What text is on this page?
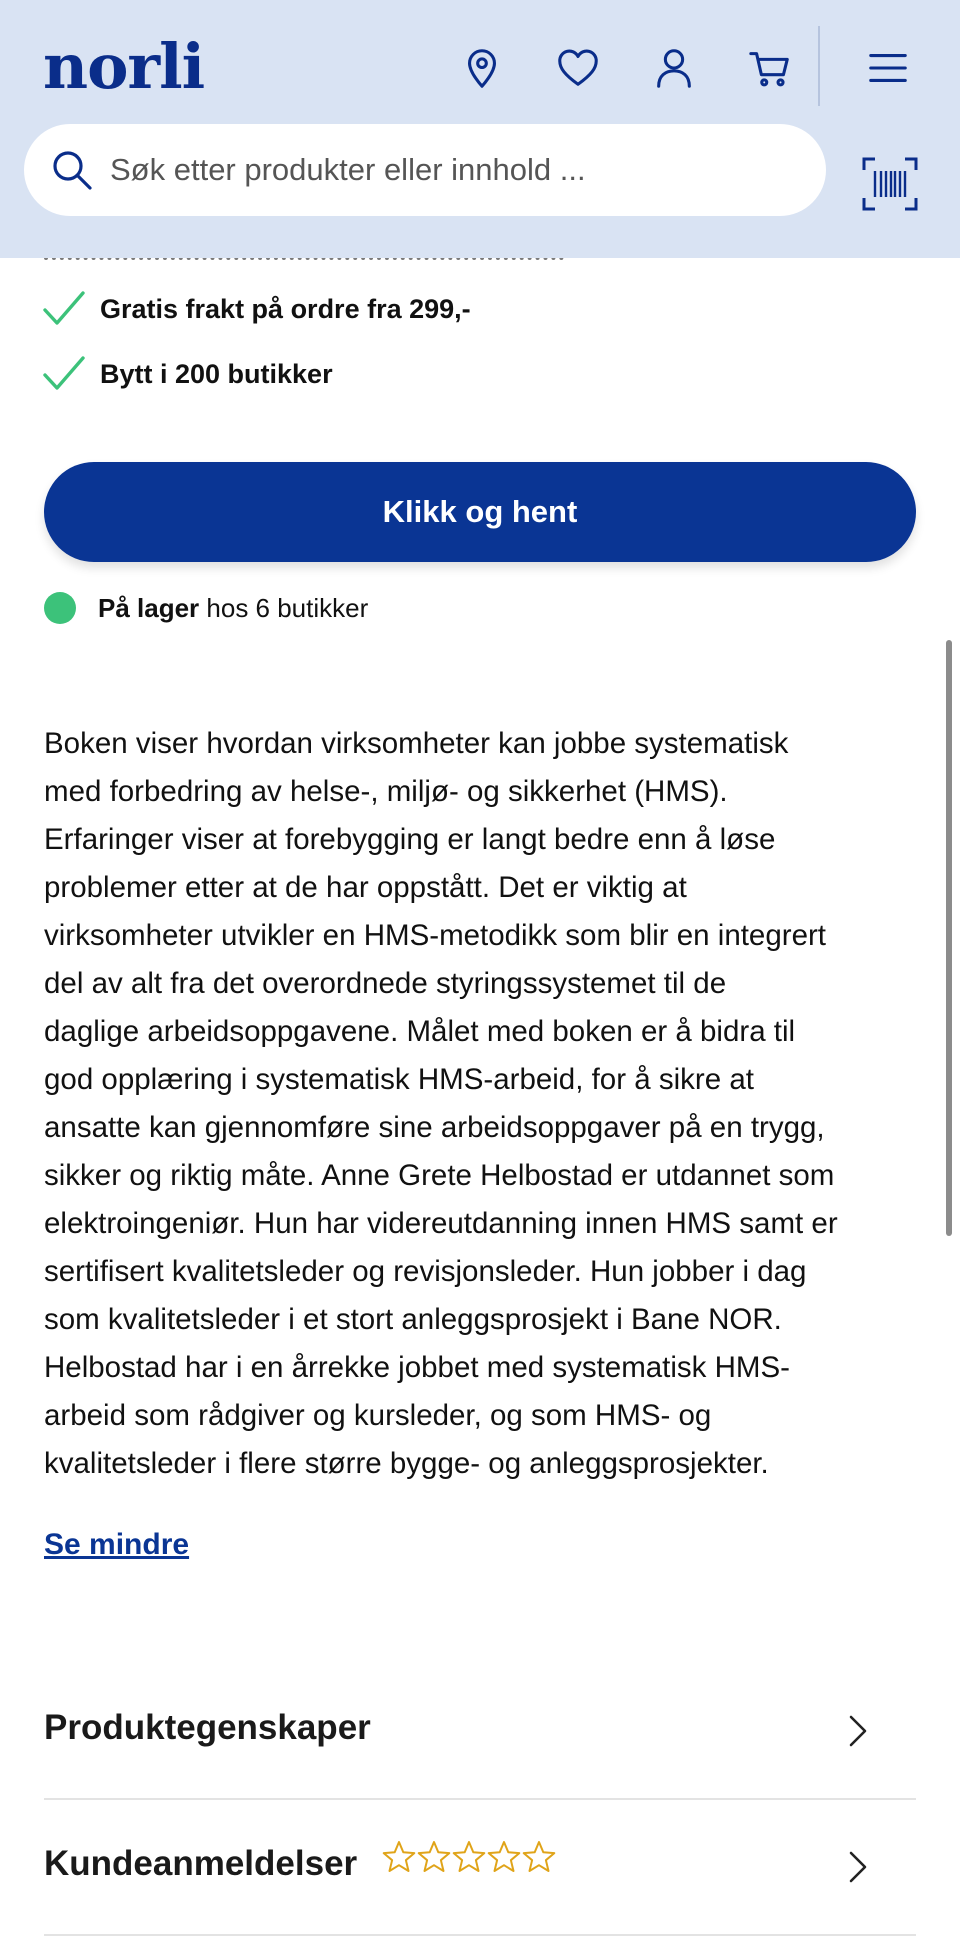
norli
Søk etter produkter eller innhold ...
Gratis frakt på ordre fra 299,-
Bytt i 200 butikker
Klikk og hent
På lager hos 6 butikker
Boken viser hvordan virksomheter kan jobbe systematisk
med forbedring av helse-, miljø- og sikkerhet (HMS).
Erfaringer viser at forebygging er langt bedre enn å løse
problemer etter at de har oppstått. Det er viktig at
virksomheter utvikler en HMS-metodikk som blir en integrert
del av alt fra det overordnede styringssystemet til de
daglige arbeidsoppgavene. Målet med boken er å bidra til
god opplæring i systematisk HMS-arbeid, for å sikre at
ansatte kan gjennomføre sine arbeidsoppgaver på en trygg,
sikker og riktig måte. Anne Grete Helbostad er utdannet som
elektroingeniør. Hun har videreutdanning innen HMS samt er
sertifisert kvalitetsleder og revisjonsleder. Hun jobber i dag
som kvalitetsleder i et stort anleggsprosjekt i Bane NOR.
Helbostad har i en årrekke jobbet med systematisk HMS-
arbeid som rådgiver og kursleder, og som HMS- og
kvalitetsleder i flere større bygge- og anleggsprosjekter.
Se mindre
Produktegenskaper
Kundeanmeldelser
